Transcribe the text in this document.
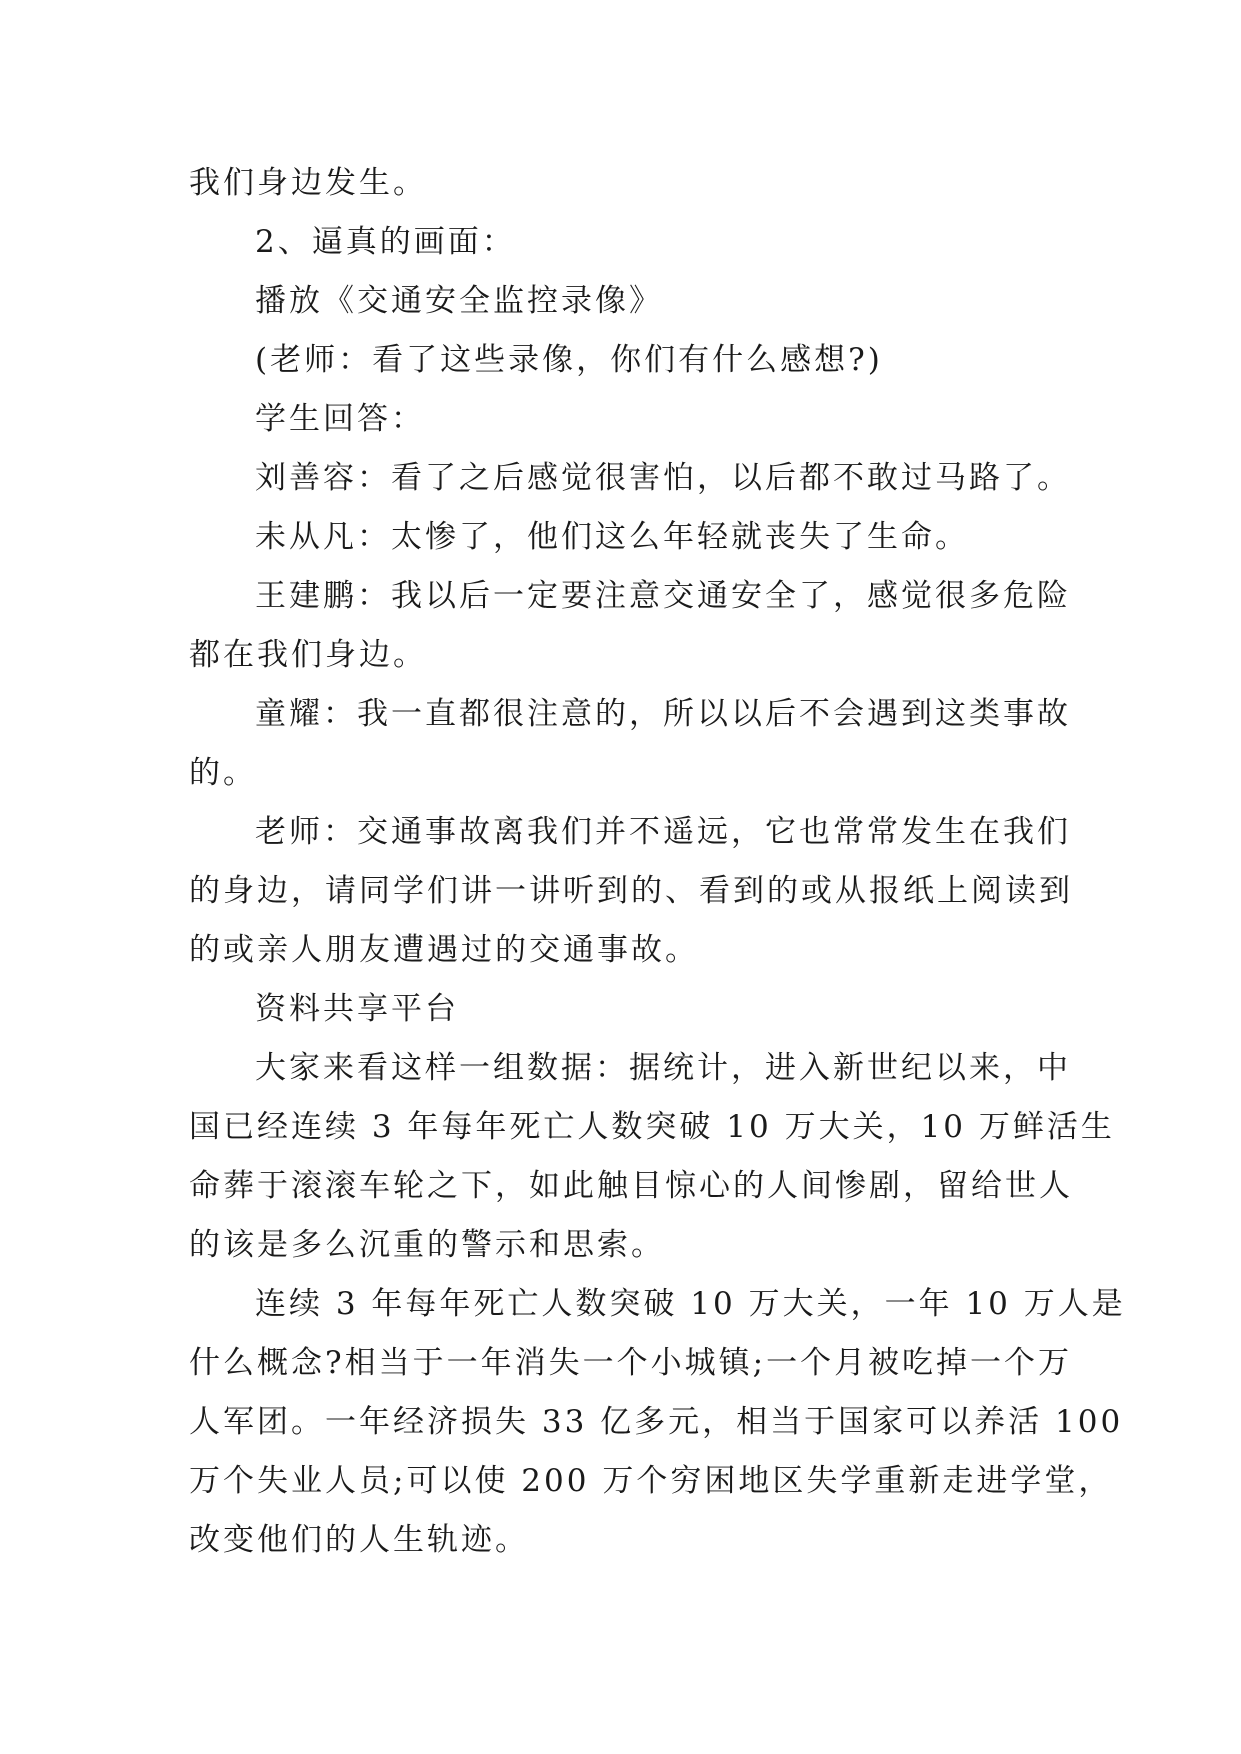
我们身边发生。
2、逼真的画面：
播放《交通安全监控录像》
(老师：看了这些录像，你们有什么感想?)
学生回答：
刘善容：看了之后感觉很害怕，以后都不敢过马路了。
未从凡：太惨了，他们这么年轻就丧失了生命。
王建鹏：我以后一定要注意交通安全了，感觉很多危险
都在我们身边。
童耀：我一直都很注意的，所以以后不会遇到这类事故
的。
老师：交通事故离我们并不遥远，它也常常发生在我们
的身边，请同学们讲一讲听到的、看到的或从报纸上阅读到
的或亲人朋友遭遇过的交通事故。
资料共享平台
大家来看这样一组数据：据统计，进入新世纪以来，中
国已经连续 3 年每年死亡人数突破 10 万大关，10 万鲜活生
命葬于滚滚车轮之下，如此触目惊心的人间惨剧，留给世人
的该是多么沉重的警示和思索。
连续 3 年每年死亡人数突破 10 万大关，一年 10 万人是
什么概念?相当于一年消失一个小城镇;一个月被吃掉一个万
人军团。一年经济损失 33 亿多元，相当于国家可以养活 100
万个失业人员;可以使 200 万个穷困地区失学重新走进学堂，
改变他们的人生轨迹。
